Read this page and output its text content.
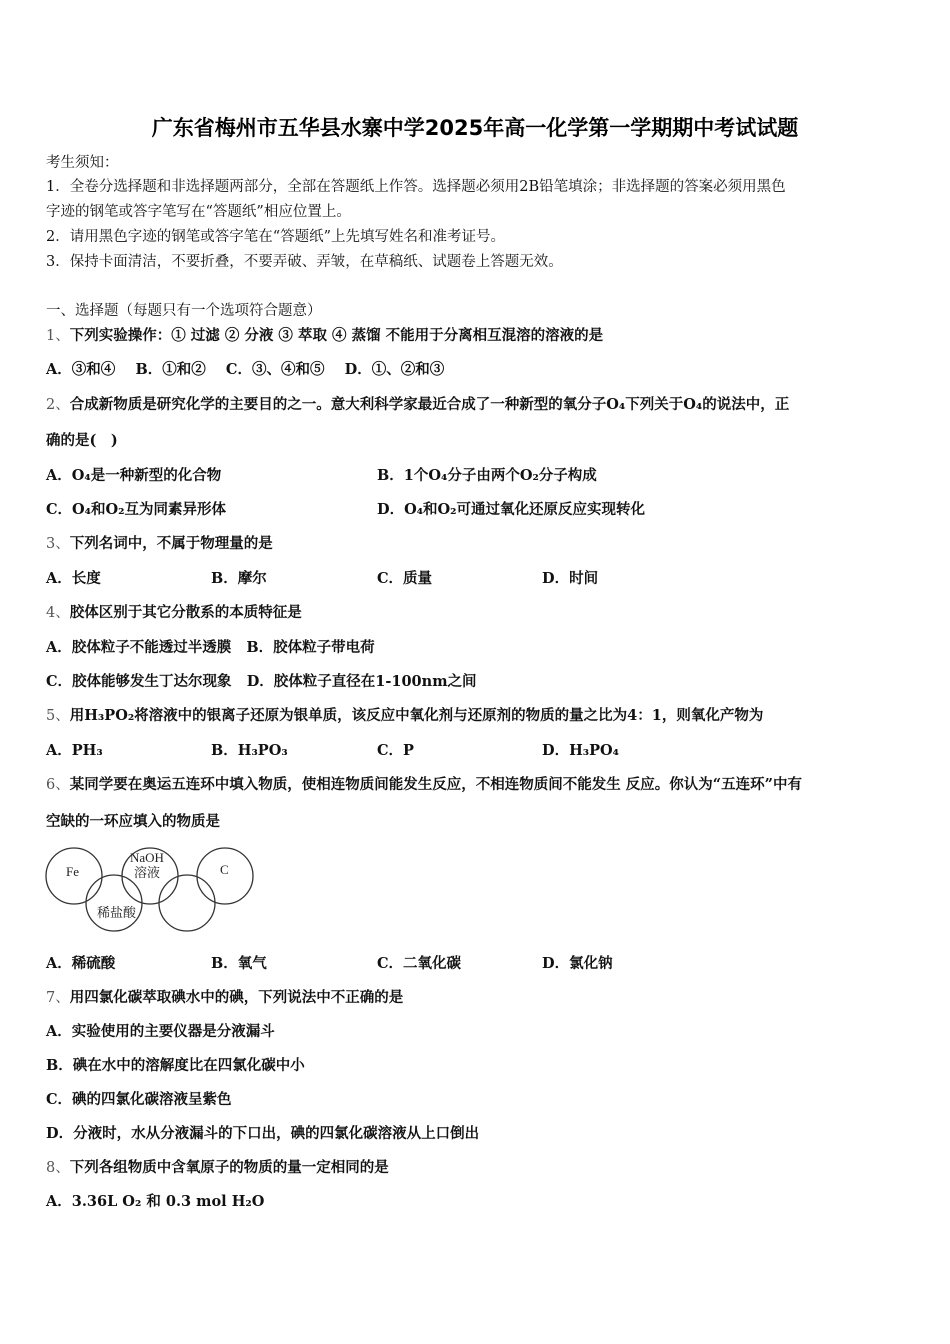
广东省梅州市五华县水寨中学2025年高一化学第一学期期中考试试题
考生须知：
1．全卷分选择题和非选择题两部分，全部在答题纸上作答。选择题必须用2B铅笔填涂；非选择题的答案必须用黑色
字迹的钢笔或答字笔写在“答题纸”相应位置上。
2．请用黑色字迹的钢笔或答字笔在“答题纸”上先填写姓名和准考证号。
3．保持卡面清洁，不要折叠，不要弄破、弄皱，在草稿纸、试题卷上答题无效。
一、选择题（每题只有一个选项符合题意）
1、下列实验操作：① 过滤 ② 分液 ③ 萃取 ④ 蒸馏 不能用于分离相互混溶的溶液的是
A．③和④ B．①和② C．③、④和⑤ D．①、②和③
2、合成新物质是研究化学的主要目的之一。意大利科学家最近合成了一种新型的氧分子O₄下列关于O₄的说法中，正
确的是(　)
A．O₄是一种新型的化合物	B．1个O₄分子由两个O₂分子构成
C．O₄和O₂互为同素异形体	D．O₄和O₂可通过氧化还原反应实现转化
3、下列名词中，不属于物理量的是
A．长度	B．摩尔	C．质量	D．时间
4、胶体区别于其它分散系的本质特征是
A．胶体粒子不能透过半透膜 B．胶体粒子带电荷
C．胶体能够发生丁达尔现象 D．胶体粒子直径在1-100nm之间
5、用H₃PO₂将溶液中的银离子还原为银单质，该反应中氧化剂与还原剂的物质的量之比为4：1，则氧化产物为
A．PH₃	B．H₃PO₃	C．P	D．H₃PO₄
6、某同学要在奥运五连环中填入物质，使相连物质间能发生反应，不相连物质间不能发生 反应。你认为“五连环”中有
空缺的一环应填入的物质是
Fe
稀盐酸
NaOH
溶液	C
A．稀硫酸	B．氧气	C．二氧化碳	D．氯化钠
7、用四氯化碳萃取碘水中的碘，下列说法中不正确的是
A．实验使用的主要仪器是分液漏斗
B．碘在水中的溶解度比在四氯化碳中小
C．碘的四氯化碳溶液呈紫色
D．分液时，水从分液漏斗的下口出，碘的四氯化碳溶液从上口倒出
8、下列各组物质中含氧原子的物质的量一定相同的是
A．3.36L O₂ 和 0.3 mol H₂O
